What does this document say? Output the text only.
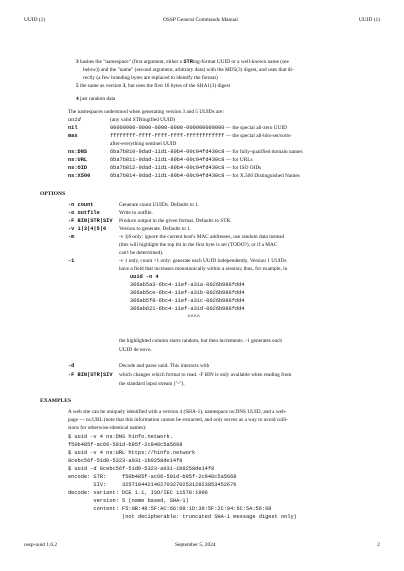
UUID (1)	OSSP General Commands Manual	UUID (1)
3 hashes the "namespace" (first argument, either a STRing-format UUID or a well-known name (see
below)) and the "name" (second argument, arbitrary data) with the MD5(3) digest, and uses that di-
rectly (a few branding bytes are replaced to identify the format)
5 the same as version 3, but uses the first 16 bytes of the SHA1(3) digest
4 just random data
The namespaces understood when generating version 3 and 5 UUIDs are:
uuid	(any valid STRingified UUID)
nil	00000000-0000-0000-0000-000000000000 — the special all-zero UUID
max	ffffffff-ffff-ffff-ffff-ffffffffffff — the special all-bits-set/sorts-
after-everything sentinel UUID
ns:DNS	6ba7b810-9dad-11d1-80b4-00c04fd430c8 — for fully-qualified domain names
ns:URL	6ba7b811-9dad-11d1-80b4-00c04fd430c8 — for URLs
ns:OID	6ba7b812-9dad-11d1-80b4-00c04fd430c8 — for ISO OIDs
ns:X500	6ba7b814-9dad-11d1-80b4-00c04fd430c8 — for X.500 Distinguished Names
OPTIONS
-n count	Generate count UUIDs. Defaults to 1.
-o outfile	Write to outfile.
-F BIN|STR|SIV Produce output in the given format. Defaults to STR.
-v 1|3|4|5|6 Version to generate. Defaults to 1.
-m	-v 1|6 only: ignore the current host's MAC addresses, use random data instead
(this will highlight the top bit in the first byte is set (TODO?), or if a MAC
can't be determined).
-1	-v 1 only, count >1 only: generate each UUID independently. Version 1 UUIDs
have a field that increases monotonically within a session; thus, for example, in
uuid -n 4
366ab5a3-6bc4-11ef-a31a-0026b986fdd4
366ab5ce-6bc4-11ef-a31b-0026b986fdd4
366ab5f8-6bc4-11ef-a31c-0026b986fdd4
366ab621-6bc4-11ef-a31d-0026b986fdd4
^^^^
the highlighted column starts random, but then increments. -1 generates each
UUID de novo.
-d	Decode and parse uuid. This interacts with
-F BIN|STR|SIV which changes which format to read. -F BIN is only available when reading from
the standard input stream ("-").
EXAMPLES
A web site can be uniquely identified with a version 4 (SHA-1), namespace ns:DNS UUID, and a web-
page — ns:URL (note that this information cannot be extracted, and only serves as a way to avoid colli-
sions for otherwise-identical names):
$ uuid -v 4 ns:DNS hinfo.network.
f50b485f-ac66-591d-b95f-2c946c5a5668
$ uuid -v 4 ns:URL https://hinfo.network
8cebc56f-51d0-5323-a031-1b9258de14f8
$ uuid -d 8cebc56f-51d0-5323-a031-1b9258de14f8
encode: STR:     f50b485f-ac66-591d-b95f-2c946c5a5668
SIV:     325719442146270327025312023853452676
decode: variant: DCE 1.1, ISO/IEC 11578:1996
version: 5 (name based, SHA-1)
content: F5:0B:48:5F:AC:66:09:1D:39:5F:2C:94:6C:5A:56:68
(not decipherable: truncated SHA-1 message digest only)
ossp-uuid 1.6.2	September 5, 2024	2
